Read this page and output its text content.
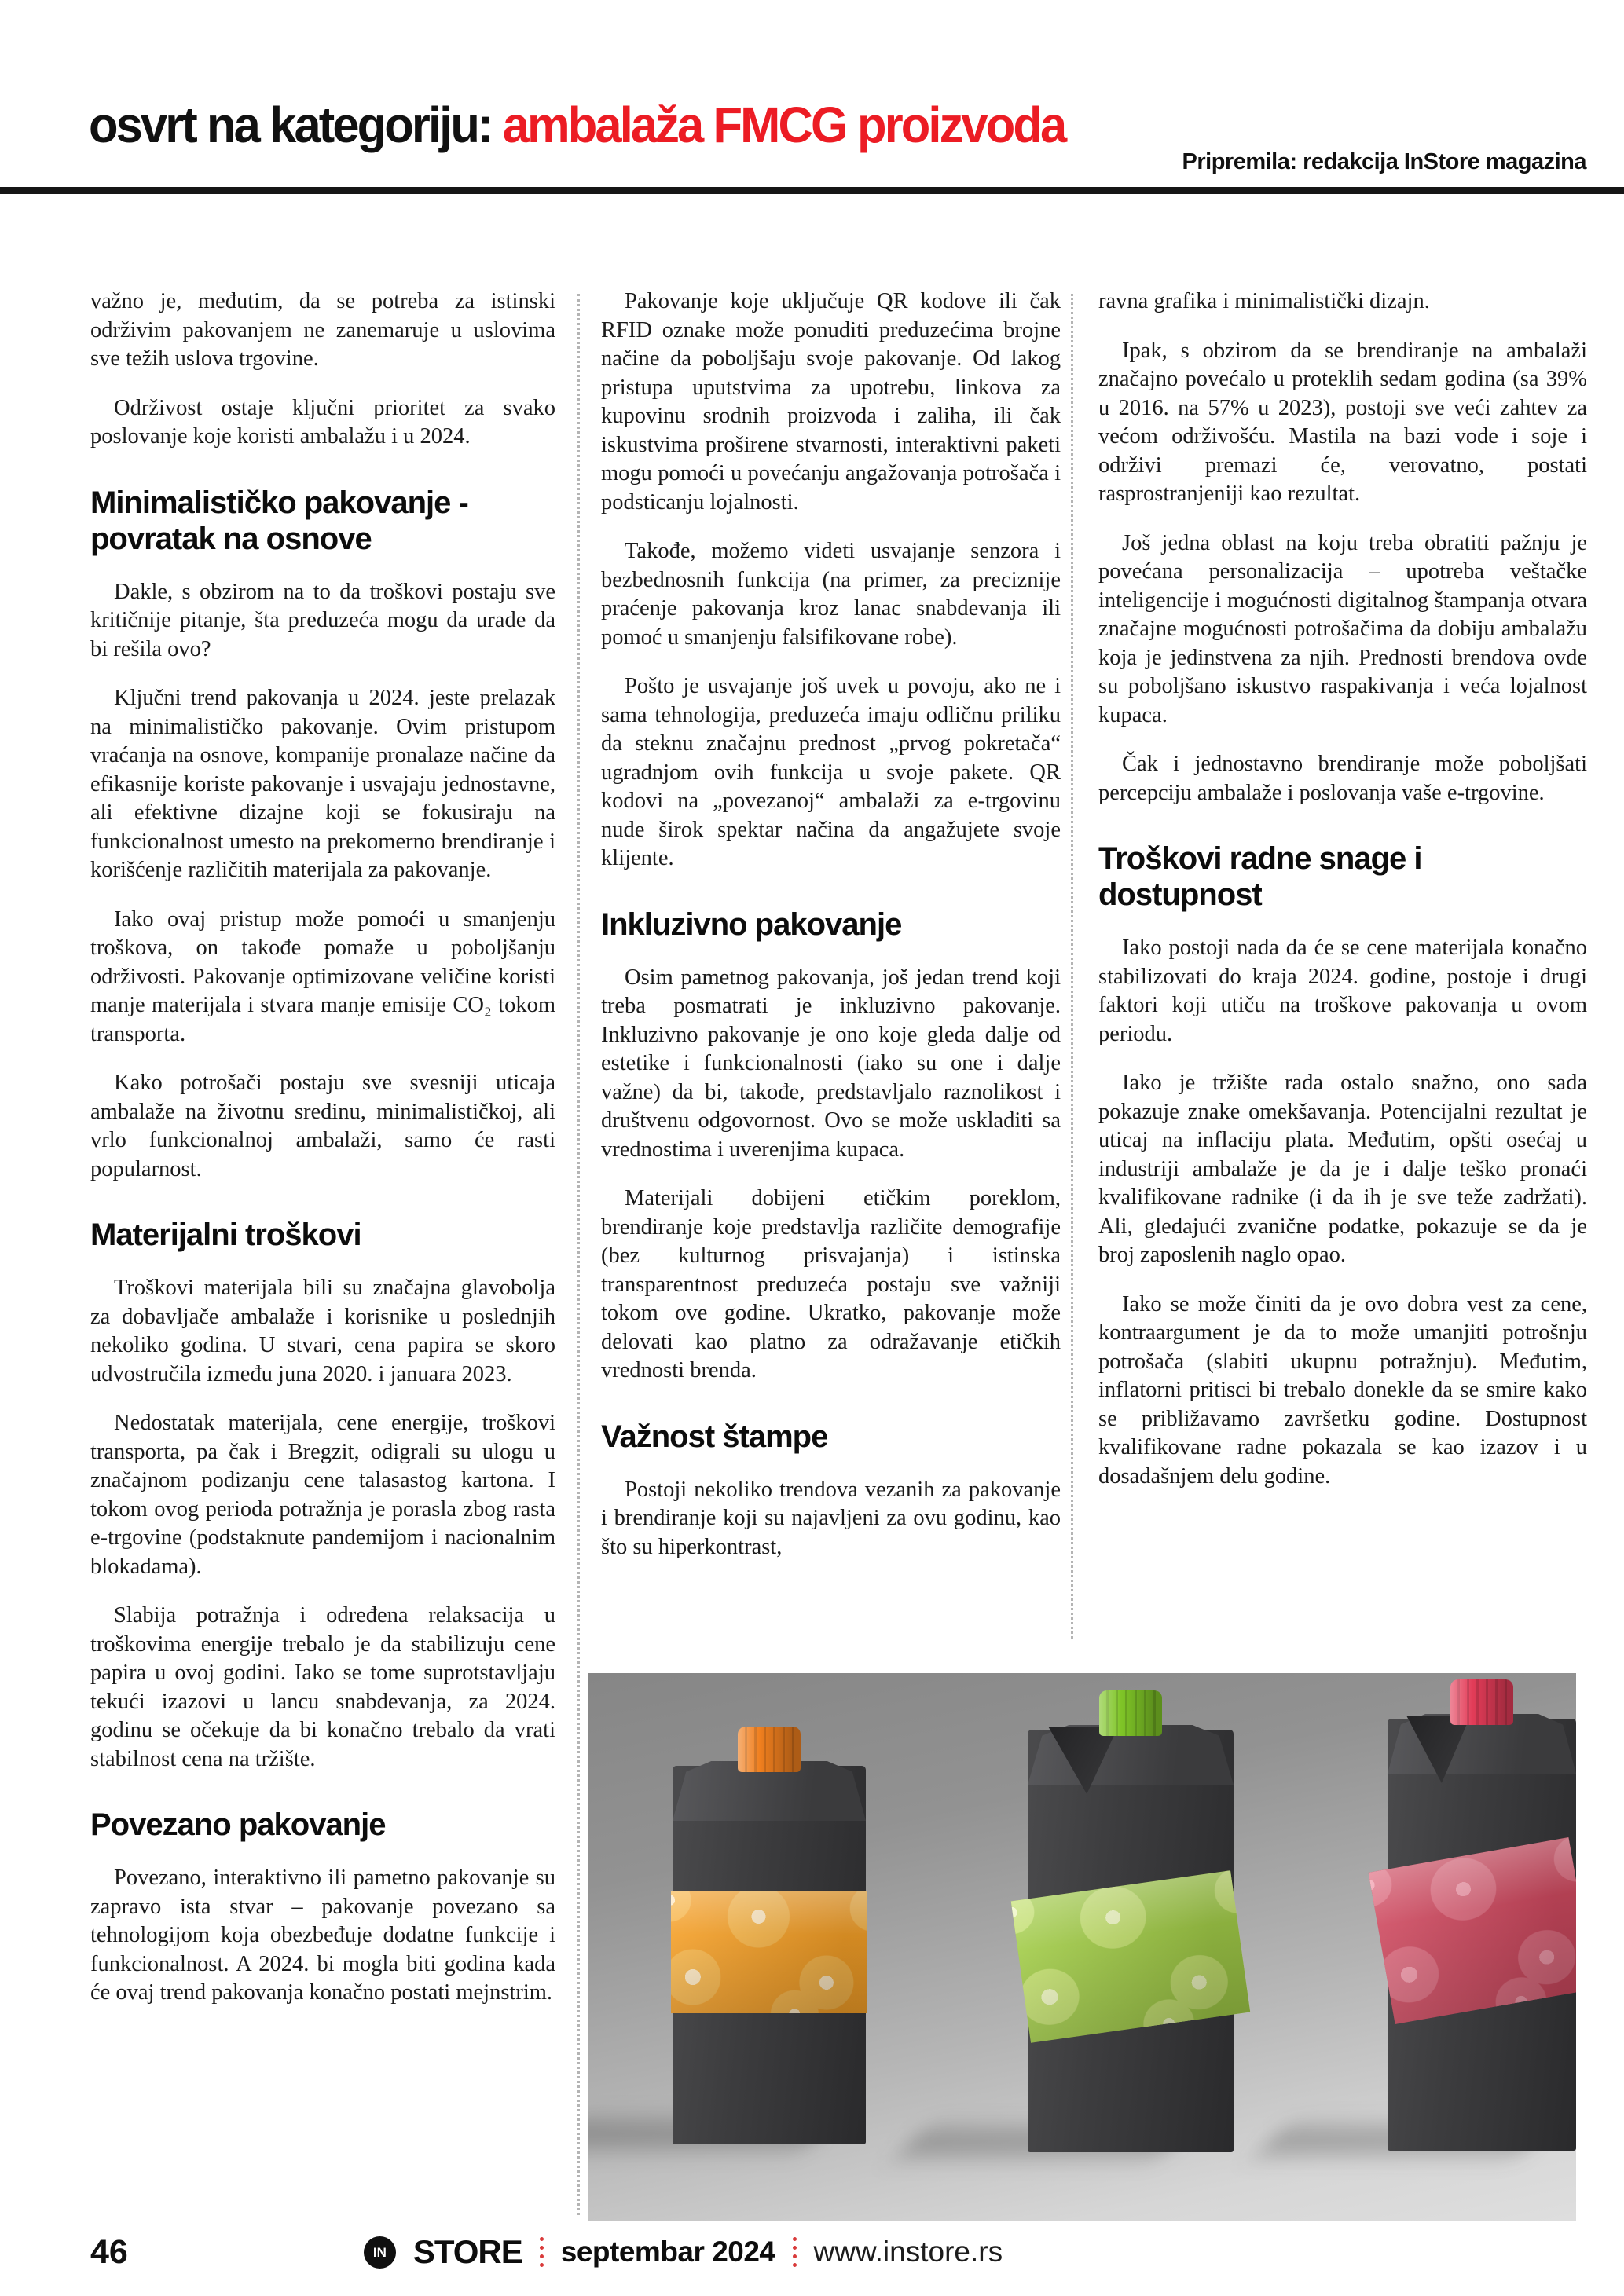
osvrt na kategoriju: ambalaža FMCG proizvoda
Pripremila: redakcija InStore magazina

važno je, međutim, da se potreba za istinski održivim pakovanjem ne zanemaruje u uslovima sve težih uslova trgovine.

Održivost ostaje ključni prioritet za svako poslovanje koje koristi ambalažu i u 2024.

Minimalističko pakovanje - povratak na osnove

Dakle, s obzirom na to da troškovi postaju sve kritičnije pitanje, šta preduzeća mogu da urade da bi rešila ovo?

Ključni trend pakovanja u 2024. jeste prelazak na minimalističko pakovanje. Ovim pristupom vraćanja na osnove, kompanije pronalaze načine da efikasnije koriste pakovanje i usvajaju jednostavne, ali efektivne dizajne koji se fokusiraju na funkcionalnost umesto na prekomerno brendiranje i korišćenje različitih materijala za pakovanje.

Iako ovaj pristup može pomoći u smanjenju troškova, on takođe pomaže u poboljšanju održivosti. Pakovanje optimizovane veličine koristi manje materijala i stvara manje emisije CO₂ tokom transporta.

Kako potrošači postaju sve svesniji uticaja ambalaže na životnu sredinu, minimalističkoj, ali vrlo funkcionalnoj ambalaži, samo će rasti popularnost.

Materijalni troškovi

Troškovi materijala bili su značajna glavobolja za dobavljače ambalaže i korisnike u poslednjih nekoliko godina. U stvari, cena papira se skoro udvostručila između juna 2020. i januara 2023.

Nedostatak materijala, cene energije, troškovi transporta, pa čak i Bregzit, odigrali su ulogu u značajnom podizanju cene talasastog kartona. I tokom ovog perioda potražnja je porasla zbog rasta e-trgovine (podstaknute pandemijom i nacionalnim blokadama).

Slabija potražnja i određena relaksacija u troškovima energije trebalo je da stabilizuju cene papira u ovoj godini. Iako se tome suprotstavljaju tekući izazovi u lancu snabdevanja, za 2024. godinu se očekuje da bi konačno trebalo da vrati stabilnost cena na tržište.

Povezano pakovanje

Povezano, interaktivno ili pametno pakovanje su zapravo ista stvar – pakovanje povezano sa tehnologijom koja obezbeđuje dodatne funkcije i funkcionalnost. A 2024. bi mogla biti godina kada će ovaj trend pakovanja konačno postati mejnstrim.

Pakovanje koje uključuje QR kodove ili čak RFID oznake može ponuditi preduzećima brojne načine da poboljšaju svoje pakovanje. Od lakog pristupa uputstvima za upotrebu, linkova za kupovinu srodnih proizvoda i zaliha, ili čak iskustvima proširene stvarnosti, interaktivni paketi mogu pomoći u povećanju angažovanja potrošača i podsticanju lojalnosti.

Takođe, možemo videti usvajanje senzora i bezbednosnih funkcija (na primer, za preciznije praćenje pakovanja kroz lanac snabdevanja ili pomoć u smanjenju falsifikovane robe).

Pošto je usvajanje još uvek u povoju, ako ne i sama tehnologija, preduzeća imaju odličnu priliku da steknu značajnu prednost „prvog pokretača“ ugradnjom ovih funkcija u svoje pakete. QR kodovi na „povezanoj“ ambalaži za e-trgovinu nude širok spektar načina da angažujete svoje klijente.

Inkluzivno pakovanje

Osim pametnog pakovanja, još jedan trend koji treba posmatrati je inkluzivno pakovanje. Inkluzivno pakovanje je ono koje gleda dalje od estetike i funkcionalnosti (iako su one i dalje važne) da bi, takođe, predstavljalo raznolikost i društvenu odgovornost. Ovo se može uskladiti sa vrednostima i uverenjima kupaca.

Materijali dobijeni etičkim poreklom, brendiranje koje predstavlja različite demografije (bez kulturnog prisvajanja) i istinska transparentnost preduzeća postaju sve važniji tokom ove godine. Ukratko, pakovanje može delovati kao platno za odražavanje etičkih vrednosti brenda.

Važnost štampe

Postoji nekoliko trendova vezanih za pakovanje i brendiranje koji su najavljeni za ovu godinu, kao što su hiperkontrast,

ravna grafika i minimalistički dizajn.

Ipak, s obzirom da se brendiranje na ambalaži značajno povećalo u proteklih sedam godina (sa 39% u 2016. na 57% u 2023), postoji sve veći zahtev za većom održivošću. Mastila na bazi vode i soje i održivi premazi će, verovatno, postati rasprostranjeniji kao rezultat.

Još jedna oblast na koju treba obratiti pažnju je povećana personalizacija – upotreba veštačke inteligencije i mogućnosti digitalnog štampanja otvara značajne mogućnosti potrošačima da dobiju ambalažu koja je jedinstvena za njih. Prednosti brendova ovde su poboljšano iskustvo raspakivanja i veća lojalnost kupaca.

Čak i jednostavno brendiranje može poboljšati percepciju ambalaže i poslovanja vaše e-trgovine.

Troškovi radne snage i dostupnost

Iako postoji nada da će se cene materijala konačno stabilizovati do kraja 2024. godine, postoje i drugi faktori koji utiču na troškove pakovanja u ovom periodu.

Iako je tržište rada ostalo snažno, ono sada pokazuje znake omekšavanja. Potencijalni rezultat je uticaj na inflaciju plata. Međutim, opšti osećaj u industriji ambalaže je da je i dalje teško pronaći kvalifikovane radnike (i da ih je sve teže zadržati). Ali, gledajući zvanične podatke, pokazuje se da je broj zaposlenih naglo opao.

Iako se može činiti da je ovo dobra vest za cene, kontraargument je da to može umanjiti potrošnju potrošača (slabiti ukupnu potražnju). Međutim, inflatorni pritisci bi trebalo donekle da se smire kako se približavamo završetku godine. Dostupnost kvalifikovane radne pokazala se kao izazov i u dosadašnjem delu godine.

46	IN STORE septembar 2024 www.instore.rs
